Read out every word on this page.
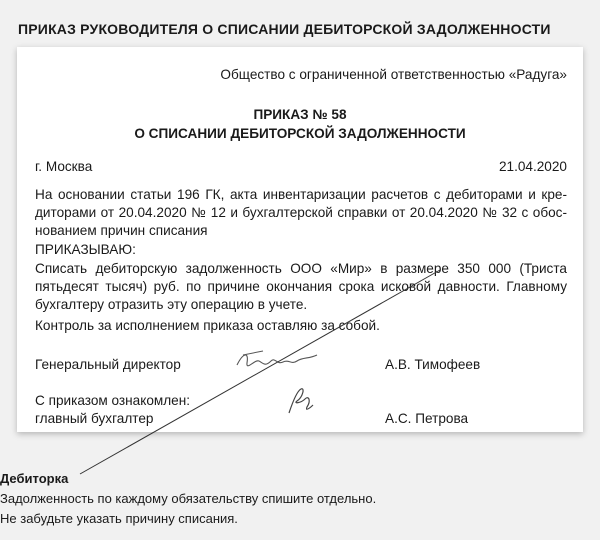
ПРИКАЗ РУКОВОДИТЕЛЯ О СПИСАНИИ ДЕБИТОРСКОЙ ЗАДОЛЖЕННОСТИ
Общество с ограниченной ответственностью «Радуга»
ПРИКАЗ № 58
О СПИСАНИИ ДЕБИТОРСКОЙ ЗАДОЛЖЕННОСТИ
г. Москва	21.04.2020
На основании статьи 196 ГК, акта инвентаризации расчетов с дебиторами и кре-
диторами от 20.04.2020 № 12 и бухгалтерской справки от 20.04.2020 № 32 с обос-
нованием причин списания
ПРИКАЗЫВАЮ:
Списать дебиторскую задолженность ООО «Мир» в размере 350 000 (Триста
пятьдесят тысяч) руб. по причине окончания срока исковой давности. Главному
бухгалтеру отразить эту операцию в учете.
Контроль за исполнением приказа оставляю за собой.
Генеральный директор	А.В. Тимофеев
С приказом ознакомлен:
главный бухгалтер	А.С. Петрова
Дебиторка
Задолженность по каждому обязательству спишите отдельно.
Не забудьте указать причину списания.
